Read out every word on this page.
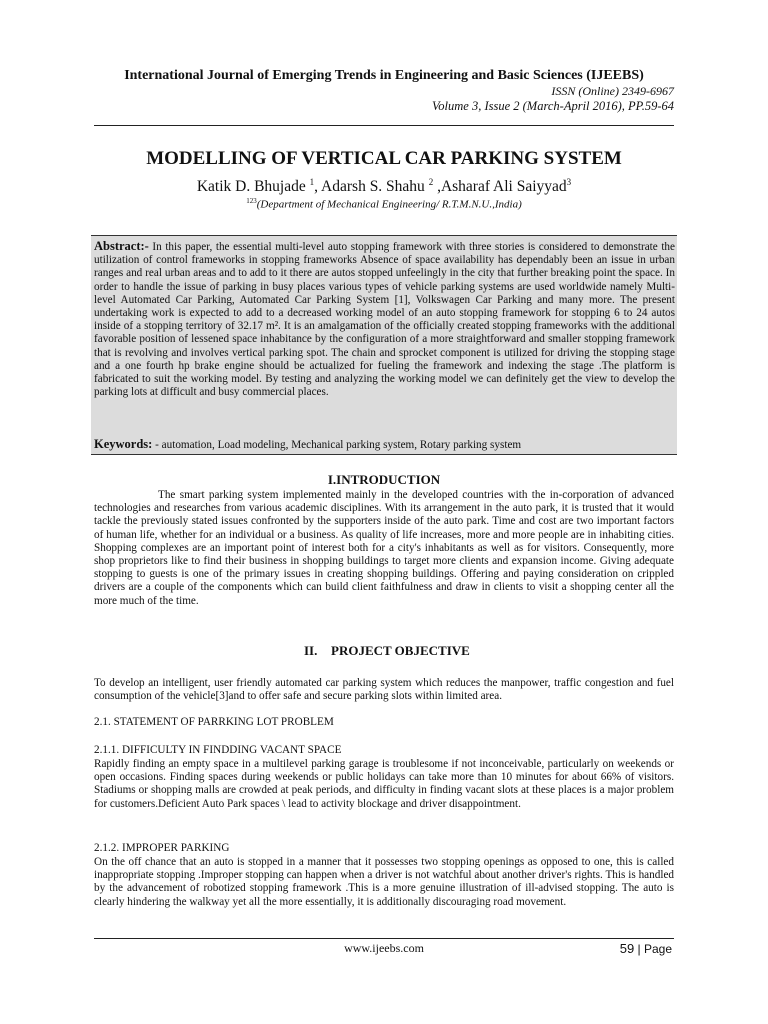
International Journal of Emerging Trends in Engineering and Basic Sciences (IJEEBS)
ISSN (Online) 2349-6967
Volume 3, Issue 2 (March-April 2016), PP.59-64
MODELLING OF VERTICAL CAR PARKING SYSTEM
Katik D. Bhujade $^1$, Adarsh S. Shahu $^2$ ,Asharaf Ali Saiyyad$^3$
$^{123}$(Department of Mechanical Engineering/ R.T.M.N.U.,India)
Abstract:- In this paper, the essential multi-level auto stopping framework with three stories is considered to demonstrate the utilization of control frameworks in stopping frameworks Absence of space availability has dependably been an issue in urban ranges and real urban areas and to add to it there are autos stopped unfeelingly in the city that further breaking point the space. In order to handle the issue of parking in busy places various types of vehicle parking systems are used worldwide namely Multi-level Automated Car Parking, Automated Car Parking System [1], Volkswagen Car Parking and many more. The present undertaking work is expected to add to a decreased working model of an auto stopping framework for stopping 6 to 24 autos inside of a stopping territory of 32.17 m². It is an amalgamation of the officially created stopping frameworks with the additional favorable position of lessened space inhabitance by the configuration of a more straightforward and smaller stopping framework that is revolving and involves vertical parking spot. The chain and sprocket component is utilized for driving the stopping stage and a one fourth hp brake engine should be actualized for fueling the framework and indexing the stage .The platform is fabricated to suit the working model. By testing and analyzing the working model we can definitely get the view to develop the parking lots at difficult and busy commercial places.
Keywords: - automation, Load modeling, Mechanical parking system, Rotary parking system
I.INTRODUCTION
The smart parking system implemented mainly in the developed countries with the in-corporation of advanced technologies and researches from various academic disciplines. With its arrangement in the auto park, it is trusted that it would tackle the previously stated issues confronted by the supporters inside of the auto park. Time and cost are two important factors of human life, whether for an individual or a business. As quality of life increases, more and more people are in inhabiting cities. Shopping complexes are an important point of interest both for a city's inhabitants as well as for visitors. Consequently, more shop proprietors like to find their business in shopping buildings to target more clients and expansion income. Giving adequate stopping to guests is one of the primary issues in creating shopping buildings. Offering and paying consideration on crippled drivers are a couple of the components which can build client faithfulness and draw in clients to visit a shopping center all the more much of the time.
II. PROJECT OBJECTIVE
To develop an intelligent, user friendly automated car parking system which reduces the manpower, traffic congestion and fuel consumption of the vehicle[3]and to offer safe and secure parking slots within limited area.
2.1. STATEMENT OF PARRKING LOT PROBLEM
2.1.1. DIFFICULTY IN FINDDING VACANT SPACE
Rapidly finding an empty space in a multilevel parking garage is troublesome if not inconceivable, particularly on weekends or open occasions. Finding spaces during weekends or public holidays can take more than 10 minutes for about 66% of visitors. Stadiums or shopping malls are crowded at peak periods, and difficulty in finding vacant slots at these places is a major problem for customers.Deficient Auto Park spaces \ lead to activity blockage and driver disappointment.
2.1.2. IMPROPER PARKING
On the off chance that an auto is stopped in a manner that it possesses two stopping openings as opposed to one, this is called inappropriate stopping .Improper stopping can happen when a driver is not watchful about another driver's rights. This is handled by the advancement of robotized stopping framework .This is a more genuine illustration of ill-advised stopping. The auto is clearly hindering the walkway yet all the more essentially, it is additionally discouraging road movement.
www.ijeebs.com	59 | Page
